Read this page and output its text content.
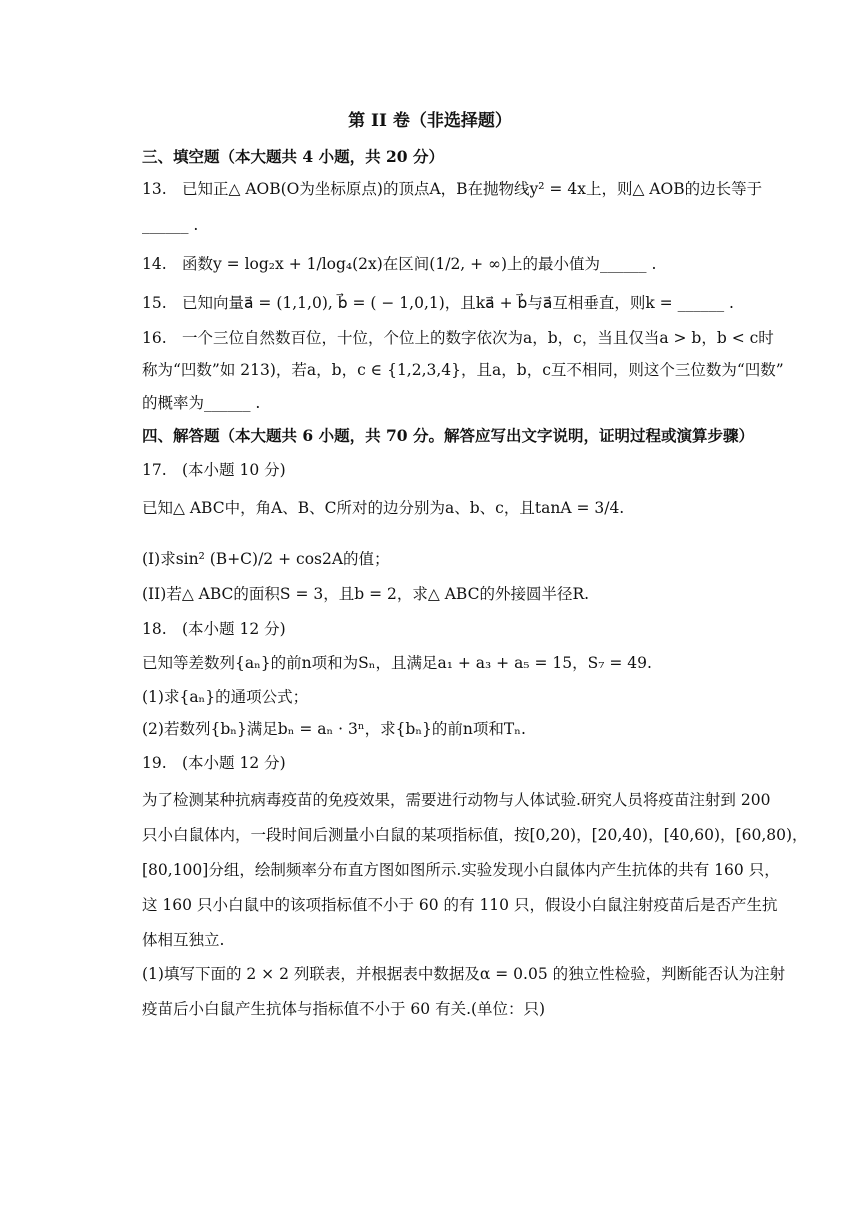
第 II 卷（非选择题）
三、填空题（本大题共 4 小题，共 20 分）
13. 已知正△ AOB(O为坐标原点)的顶点A，B在抛物线y² = 4x上，则△ AOB的边长等于
______ .
14. 函数y = log₂x + 1/log₄(2x)在区间(1/2, + ∞)上的最小值为______ .
15. 已知向量a⃗ = (1,1,0), b⃗ = ( − 1,0,1)，且ka⃗ + b⃗与a⃗互相垂直，则k = ______ .
16. 一个三位自然数百位，十位，个位上的数字依次为a，b，c，当且仅当a > b，b < c时
称为“凹数”如 213)，若a，b，c ∈ {1,2,3,4}，且a，b，c互不相同，则这个三位数为“凹数”
的概率为______ .
四、解答题（本大题共 6 小题，共 70 分。解答应写出文字说明，证明过程或演算步骤）
17. (本小题 10 分)
已知△ ABC中，角A、B、C所对的边分别为a、b、c，且tanA = 3/4.
(I)求sin² (B+C)/2 + cos2A的值；
(II)若△ ABC的面积S = 3，且b = 2，求△ ABC的外接圆半径R.
18. (本小题 12 分)
已知等差数列{aₙ}的前n项和为Sₙ，且满足a₁ + a₃ + a₅ = 15，S₇ = 49.
(1)求{aₙ}的通项公式；
(2)若数列{bₙ}满足bₙ = aₙ · 3ⁿ，求{bₙ}的前n项和Tₙ.
19. (本小题 12 分)
为了检测某种抗病毒疫苗的免疫效果，需要进行动物与人体试验.研究人员将疫苗注射到 200
只小白鼠体内，一段时间后测量小白鼠的某项指标值，按[0,20)，[20,40)，[40,60)，[60,80)，
[80,100]分组，绘制频率分布直方图如图所示.实验发现小白鼠体内产生抗体的共有 160 只，
这 160 只小白鼠中的该项指标值不小于 60 的有 110 只，假设小白鼠注射疫苗后是否产生抗
体相互独立.
(1)填写下面的 2 × 2 列联表，并根据表中数据及α = 0.05 的独立性检验，判断能否认为注射
疫苗后小白鼠产生抗体与指标值不小于 60 有关.(单位：只)
